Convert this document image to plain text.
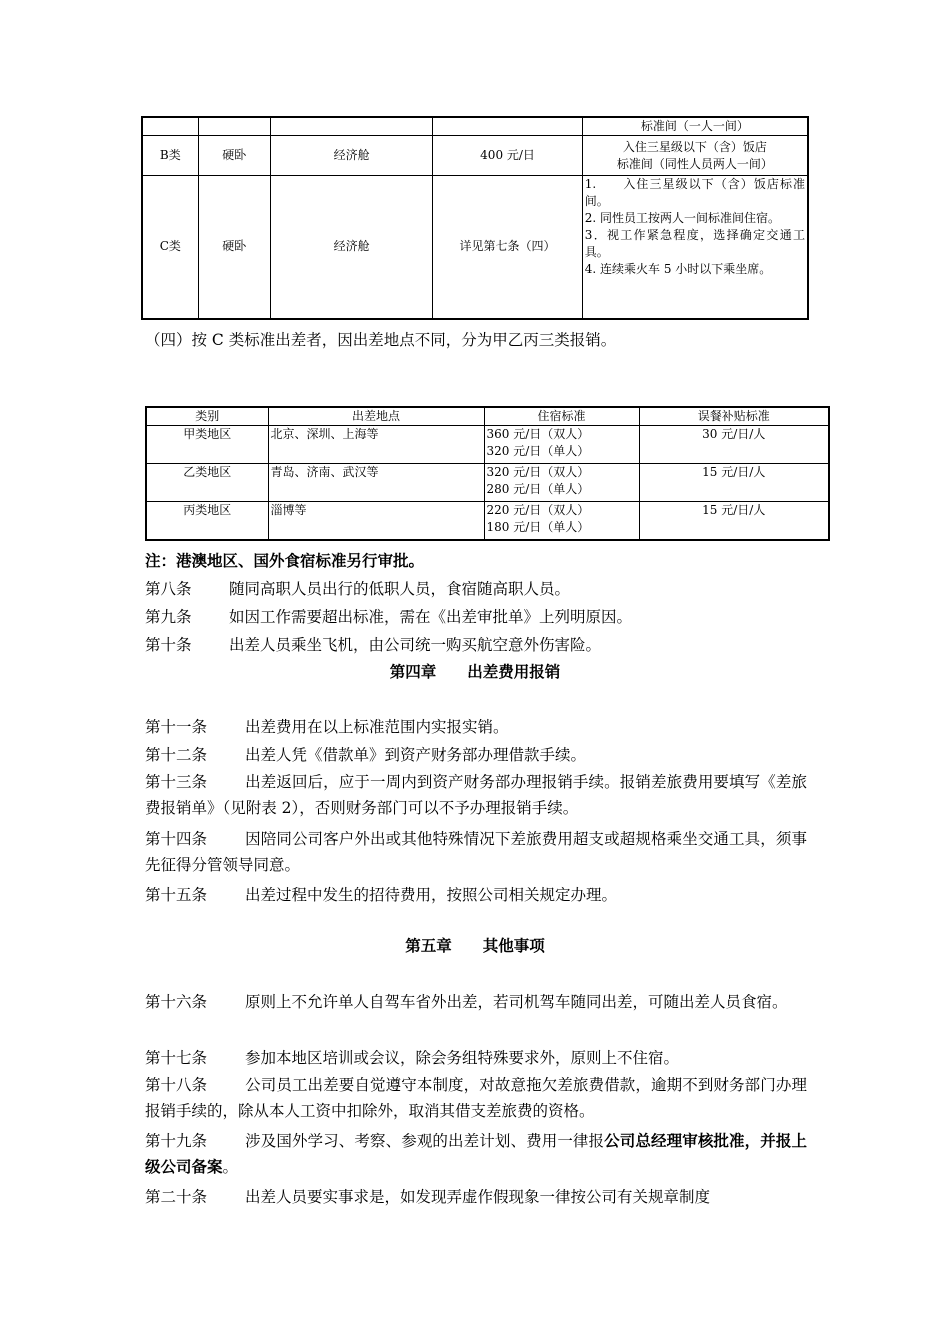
				标准间（一人一间）
B类	硬卧	经济舱	400 元/日	入住三星级以下（含）饭店
标准间（同性人员两人一间）

C类	硬卧	经济舱	详见第七条（四）	1.　　入住三星级以下（含）饭店标准间。
2. 同性员工按两人一间标准间住宿。
3．视工作紧急程度，选择确定交通工具。
4. 连续乘火车 5 小时以下乘坐席。
（四）按 C 类标准出差者，因出差地点不同，分为甲乙丙三类报销。
类别	出差地点	住宿标准	误餐补贴标准
甲类地区	北京、深圳、上海等	360 元/日（双人）
320 元/日（单人）	30 元/日/人
乙类地区	青岛、济南、武汉等	320 元/日（双人）
280 元/日（单人）	15 元/日/人
丙类地区	淄博等	220 元/日（双人）
180 元/日（单人）	15 元/日/人
注：港澳地区、国外食宿标准另行审批。
第八条 随同高职人员出行的低职人员，食宿随高职人员。
第九条 如因工作需要超出标准，需在《出差审批单》上列明原因。
第十条 出差人员乘坐飞机，由公司统一购买航空意外伤害险。
第四章　　出差费用报销
第十一条 出差费用在以上标准范围内实报实销。
第十二条 出差人凭《借款单》到资产财务部办理借款手续。
第十三条 出差返回后，应于一周内到资产财务部办理报销手续。报销差旅费用要填写《差旅费报销单》（见附表 2），否则财务部门可以不予办理报销手续。
第十四条 因陪同公司客户外出或其他特殊情况下差旅费用超支或超规格乘坐交通工具，须事先征得分管领导同意。
第十五条 出差过程中发生的招待费用，按照公司相关规定办理。
第五章　　其他事项
第十六条 原则上不允许单人自驾车省外出差，若司机驾车随同出差，可随出差人员食宿。
第十七条 参加本地区培训或会议，除会务组特殊要求外，原则上不住宿。
第十八条 公司员工出差要自觉遵守本制度，对故意拖欠差旅费借款，逾期不到财务部门办理报销手续的，除从本人工资中扣除外，取消其借支差旅费的资格。
第十九条 涉及国外学习、考察、参观的出差计划、费用一律报公司总经理审核批准，并报上级公司备案。
第二十条 出差人员要实事求是，如发现弄虚作假现象一律按公司有关规章制度
